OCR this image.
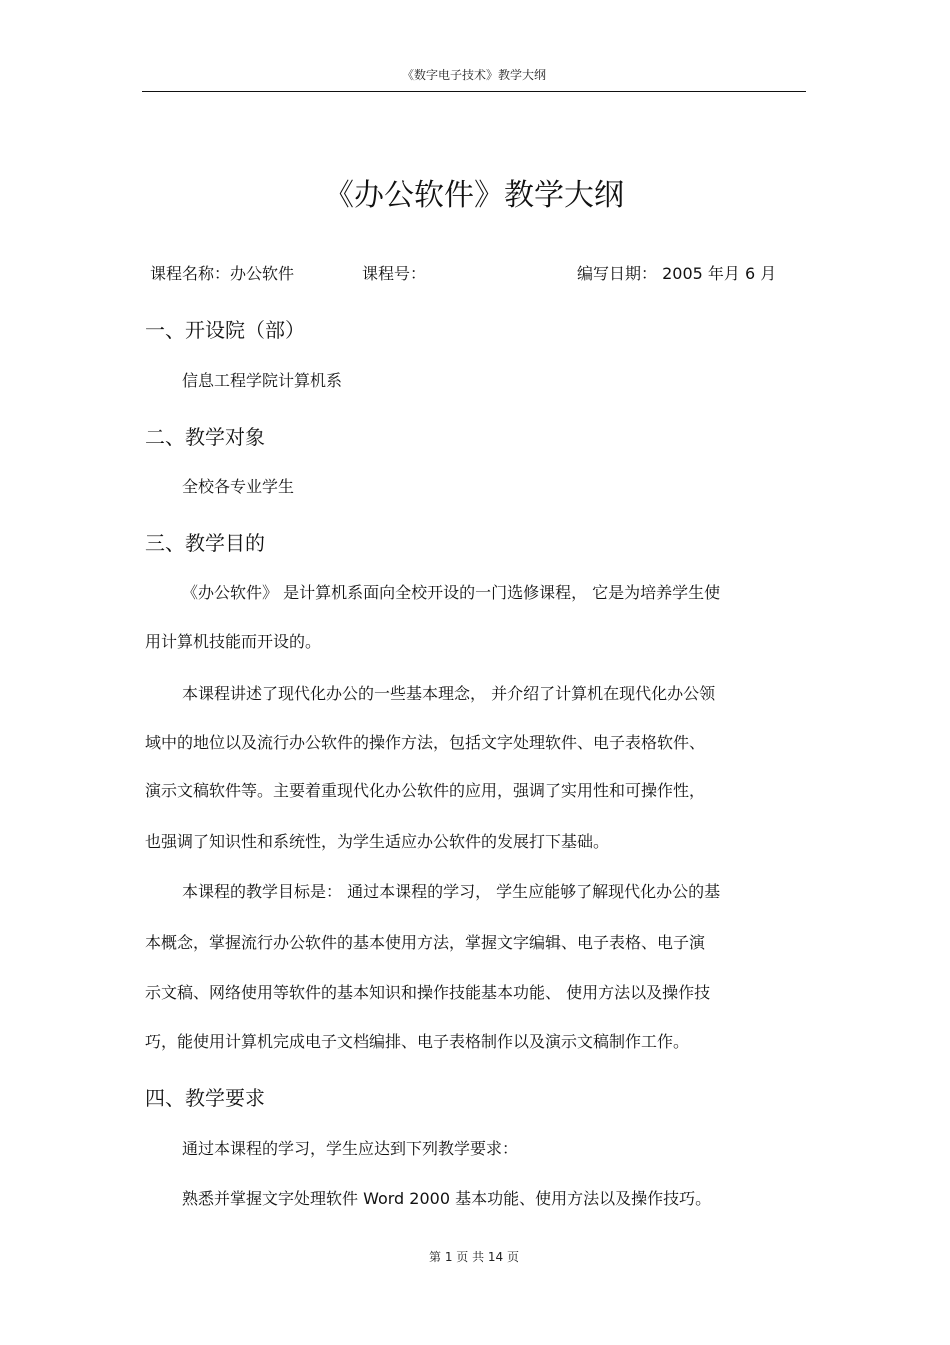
《数字电子技术》教学大纲
《办公软件》教学大纲
课程名称：办公软件	课程号：	编写日期： 2005 年月 6 月
一、开设院（部）
信息工程学院计算机系
二、教学对象
全校各专业学生
三、教学目的
《办公软件》 是计算机系面向全校开设的一门选修课程， 它是为培养学生使
用计算机技能而开设的。
本课程讲述了现代化办公的一些基本理念， 并介绍了计算机在现代化办公领
域中的地位以及流行办公软件的操作方法，包括文字处理软件、电子表格软件、
演示文稿软件等。主要着重现代化办公软件的应用，强调了实用性和可操作性，
也强调了知识性和系统性，为学生适应办公软件的发展打下基础。
本课程的教学目标是： 通过本课程的学习， 学生应能够了解现代化办公的基
本概念，掌握流行办公软件的基本使用方法，掌握文字编辑、电子表格、电子演
示文稿、网络使用等软件的基本知识和操作技能基本功能、 使用方法以及操作技
巧，能使用计算机完成电子文档编排、电子表格制作以及演示文稿制作工作。
四、教学要求
通过本课程的学习，学生应达到下列教学要求：
熟悉并掌握文字处理软件 Word 2000 基本功能、使用方法以及操作技巧。
第 1 页 共 14 页
